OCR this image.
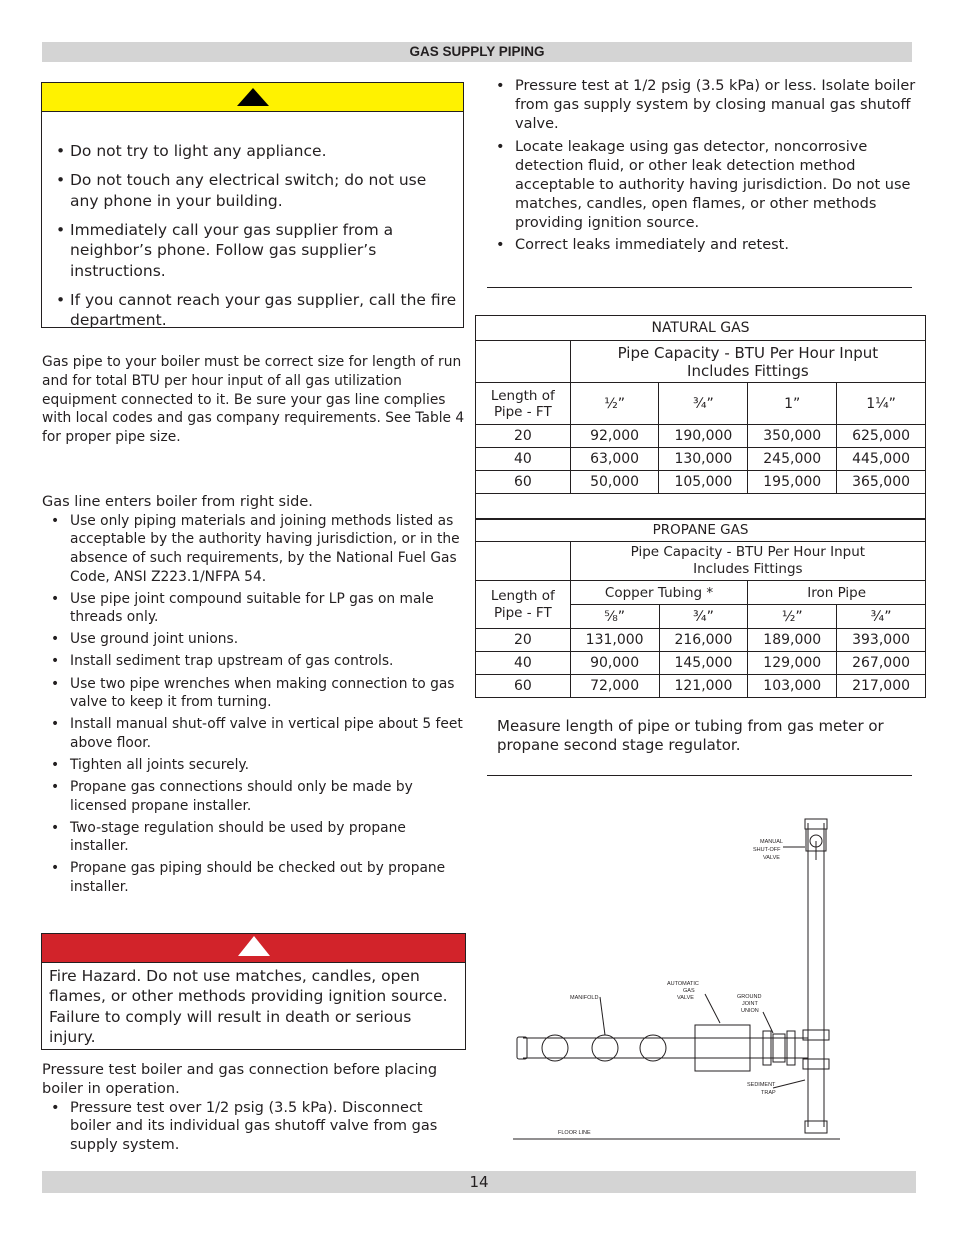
GAS SUPPLY PIPING
• Do not try to light any appliance.
• Do not touch any electrical switch; do not use any phone in your building.
• Immediately call your gas supplier from a neighbor’s phone. Follow gas supplier’s instructions.
• If you cannot reach your gas supplier, call the fire department.
Gas pipe to your boiler must be correct size for length of run and for total BTU per hour input of all gas utilization equipment connected to it. Be sure your gas line complies with local codes and gas company requirements. See Table 4 for proper pipe size.
Gas line enters boiler from right side.
• Use only piping materials and joining methods listed as acceptable by the authority having jurisdiction, or in the absence of such requirements, by the National Fuel Gas Code, ANSI Z223.1/NFPA 54.
• Use pipe joint compound suitable for LP gas on male threads only.
• Use ground joint unions.
• Install sediment trap upstream of gas controls.
• Use two pipe wrenches when making connection to gas valve to keep it from turning.
• Install manual shut-off valve in vertical pipe about 5 feet above floor.
• Tighten all joints securely.
• Propane gas connections should only be made by licensed propane installer.
• Two-stage regulation should be used by propane installer.
• Propane gas piping should be checked out by propane installer.
Fire Hazard. Do not use matches, candles, open flames, or other methods providing ignition source. Failure to comply will result in death or serious injury.
Pressure test boiler and gas connection before placing boiler in operation.
• Pressure test over 1/2 psig (3.5 kPa). Disconnect boiler and its individual gas shutoff valve from gas supply system.
• Pressure test at 1/2 psig (3.5 kPa) or less. Isolate boiler from gas supply system by closing manual gas shutoff valve.
• Locate leakage using gas detector, noncorrosive detection fluid, or other leak detection method acceptable to authority having jurisdiction. Do not use matches, candles, open flames, or other methods providing ignition source.
• Correct leaks immediately and retest.
NATURAL GAS				

	Pipe Capacity - BTU Per Hour Input
Includes Fittings			

Length of
Pipe - FT	½”	¾”	1”	1¼”
20	92,000	190,000	350,000	625,000
40	63,000	130,000	245,000	445,000
60	50,000	105,000	195,000	365,000

PROPANE GAS				

	Pipe Capacity - BTU Per Hour Input
Includes Fittings			

Length of
Pipe - FT	Copper Tubing *		Iron Pipe	
	⅝”	¾”	½”	¾”
20	131,000	216,000	189,000	393,000
40	90,000	145,000	129,000	267,000
60	72,000	121,000	103,000	217,000
Measure length of pipe or tubing from gas meter or propane second stage regulator.
MANUAL
SHUT-OFF
VALVE
MANIFOLD
AUTOMATIC
GAS
VALVE	GROUND
JOINT
UNION
SEDIMENT
TRAP
FLOOR LINE
14
